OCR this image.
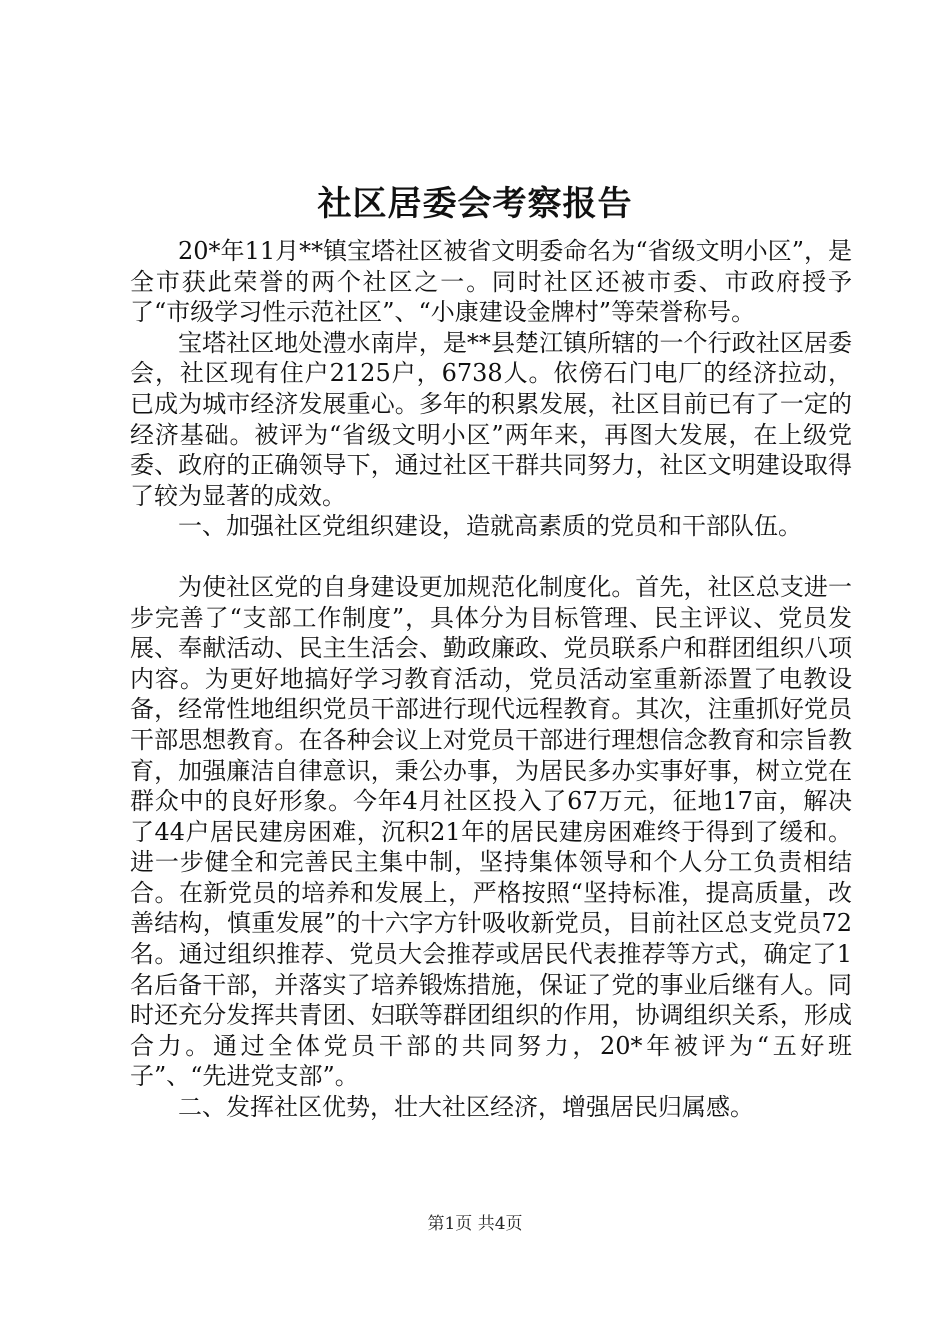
社区居委会考察报告

20*年11月**镇宝塔社区被省文明委命名为“省级文明小区”，是全市获此荣誉的两个社区之一。同时社区还被市委、市政府授予了“市级学习性示范社区”、“小康建设金牌村”等荣誉称号。

宝塔社区地处澧水南岸，是**县楚江镇所辖的一个行政社区居委会，社区现有住户2125户，6738人。依傍石门电厂的经济拉动，已成为城市经济发展重心。多年的积累发展，社区目前已有了一定的经济基础。被评为“省级文明小区”两年来，再图大发展，在上级党委、政府的正确领导下，通过社区干群共同努力，社区文明建设取得了较为显著的成效。

一、加强社区党组织建设，造就高素质的党员和干部队伍。

为使社区党的自身建设更加规范化制度化。首先，社区总支进一步完善了“支部工作制度”，具体分为目标管理、民主评议、党员发展、奉献活动、民主生活会、勤政廉政、党员联系户和群团组织八项内容。为更好地搞好学习教育活动，党员活动室重新添置了电教设备，经常性地组织党员干部进行现代远程教育。其次，注重抓好党员干部思想教育。在各种会议上对党员干部进行理想信念教育和宗旨教育，加强廉洁自律意识，秉公办事，为居民多办实事好事，树立党在群众中的良好形象。今年4月社区投入了67万元，征地17亩，解决了44户居民建房困难，沉积21年的居民建房困难终于得到了缓和。进一步健全和完善民主集中制，坚持集体领导和个人分工负责相结合。在新党员的培养和发展上，严格按照“坚持标准，提高质量，改善结构，慎重发展”的十六字方针吸收新党员，目前社区总支党员72名。通过组织推荐、党员大会推荐或居民代表推荐等方式，确定了1名后备干部，并落实了培养锻炼措施，保证了党的事业后继有人。同时还充分发挥共青团、妇联等群团组织的作用，协调组织关系，形成合力。通过全体党员干部的共同努力，20*年被评为“五好班子”、“先进党支部”。

二、发挥社区优势，壮大社区经济，增强居民归属感。

第1页 共4页
